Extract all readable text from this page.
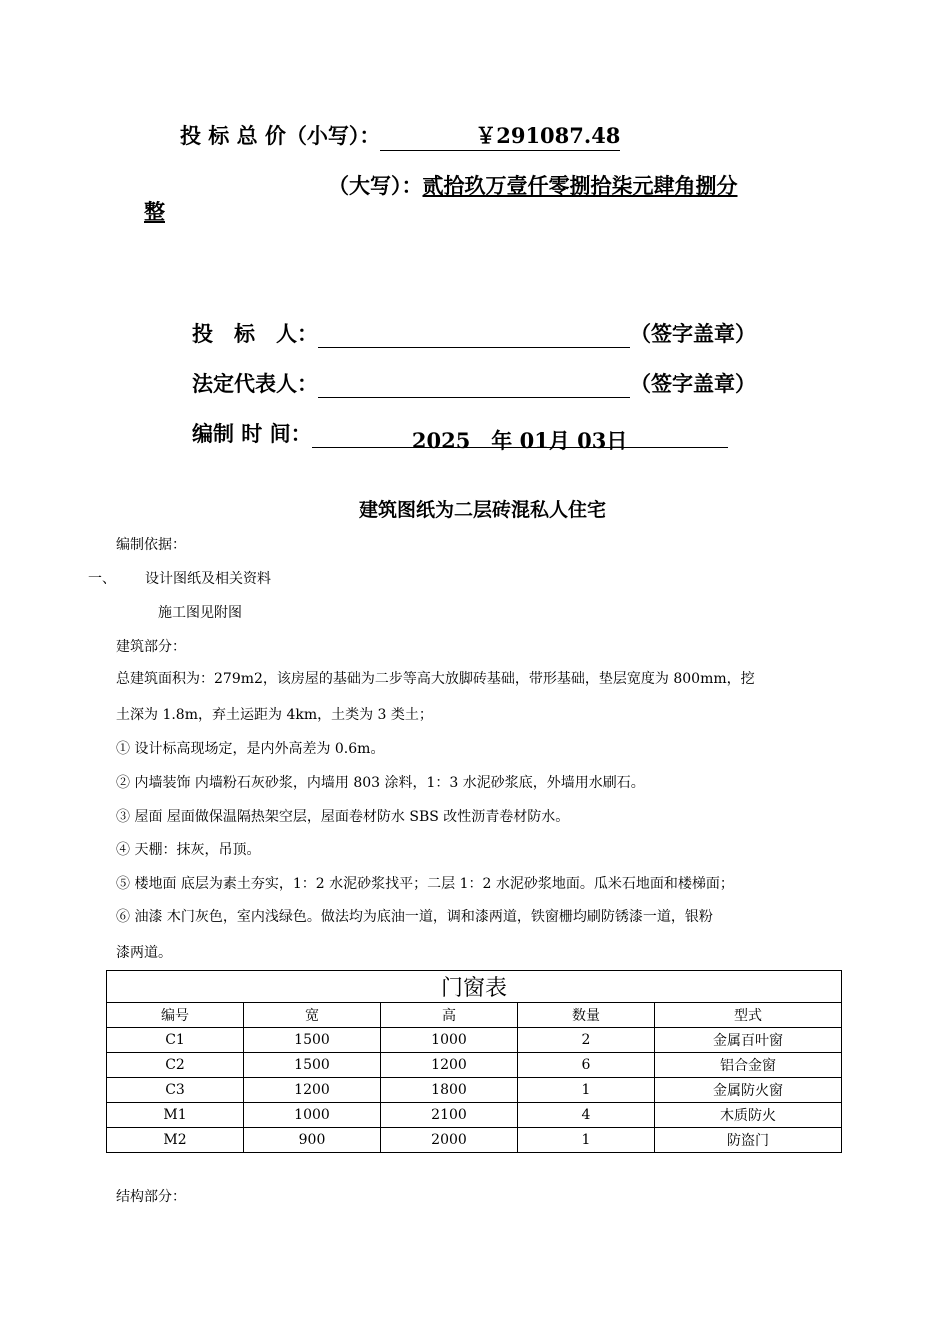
投 标 总 价（小写）：	￥291087.48
（大写）：贰拾玖万壹仟零捌拾柒元肆角捌分
整
投　标　人：	（签字盖章）
法定代表人：	（签字盖章）
编制 时 间：	2025　年 01月 03日
建筑图纸为二层砖混私人住宅
编制依据：
一、 设计图纸及相关资料
施工图见附图
建筑部分：
总建筑面积为：279m2，该房屋的基础为二步等高大放脚砖基础，带形基础，垫层宽度为 800mm，挖
土深为 1.8m，弃土运距为 4km，土类为 3 类土；
① 设计标高现场定，是内外高差为 0.6m。
② 内墙装饰 内墙粉石灰砂浆，内墙用 803 涂料，1：3 水泥砂浆底，外墙用水刷石。
③ 屋面 屋面做保温隔热架空层，屋面卷材防水 SBS 改性沥青卷材防水。
④ 天棚：抹灰，吊顶。
⑤ 楼地面 底层为素土夯实，1：2 水泥砂浆找平；二层 1：2 水泥砂浆地面。瓜米石地面和楼梯面；
⑥ 油漆 木门灰色，室内浅绿色。做法均为底油一道，调和漆两道，铁窗栅均刷防锈漆一道，银粉
漆两道。
门窗表				
编号	宽	高	数量	型式
C1	1500	1000	2	金属百叶窗
C2	1500	1200	6	铝合金窗
C3	1200	1800	1	金属防火窗
M1	1000	2100	4	木质防火
M2	900	2000	1	防盗门
结构部分：
